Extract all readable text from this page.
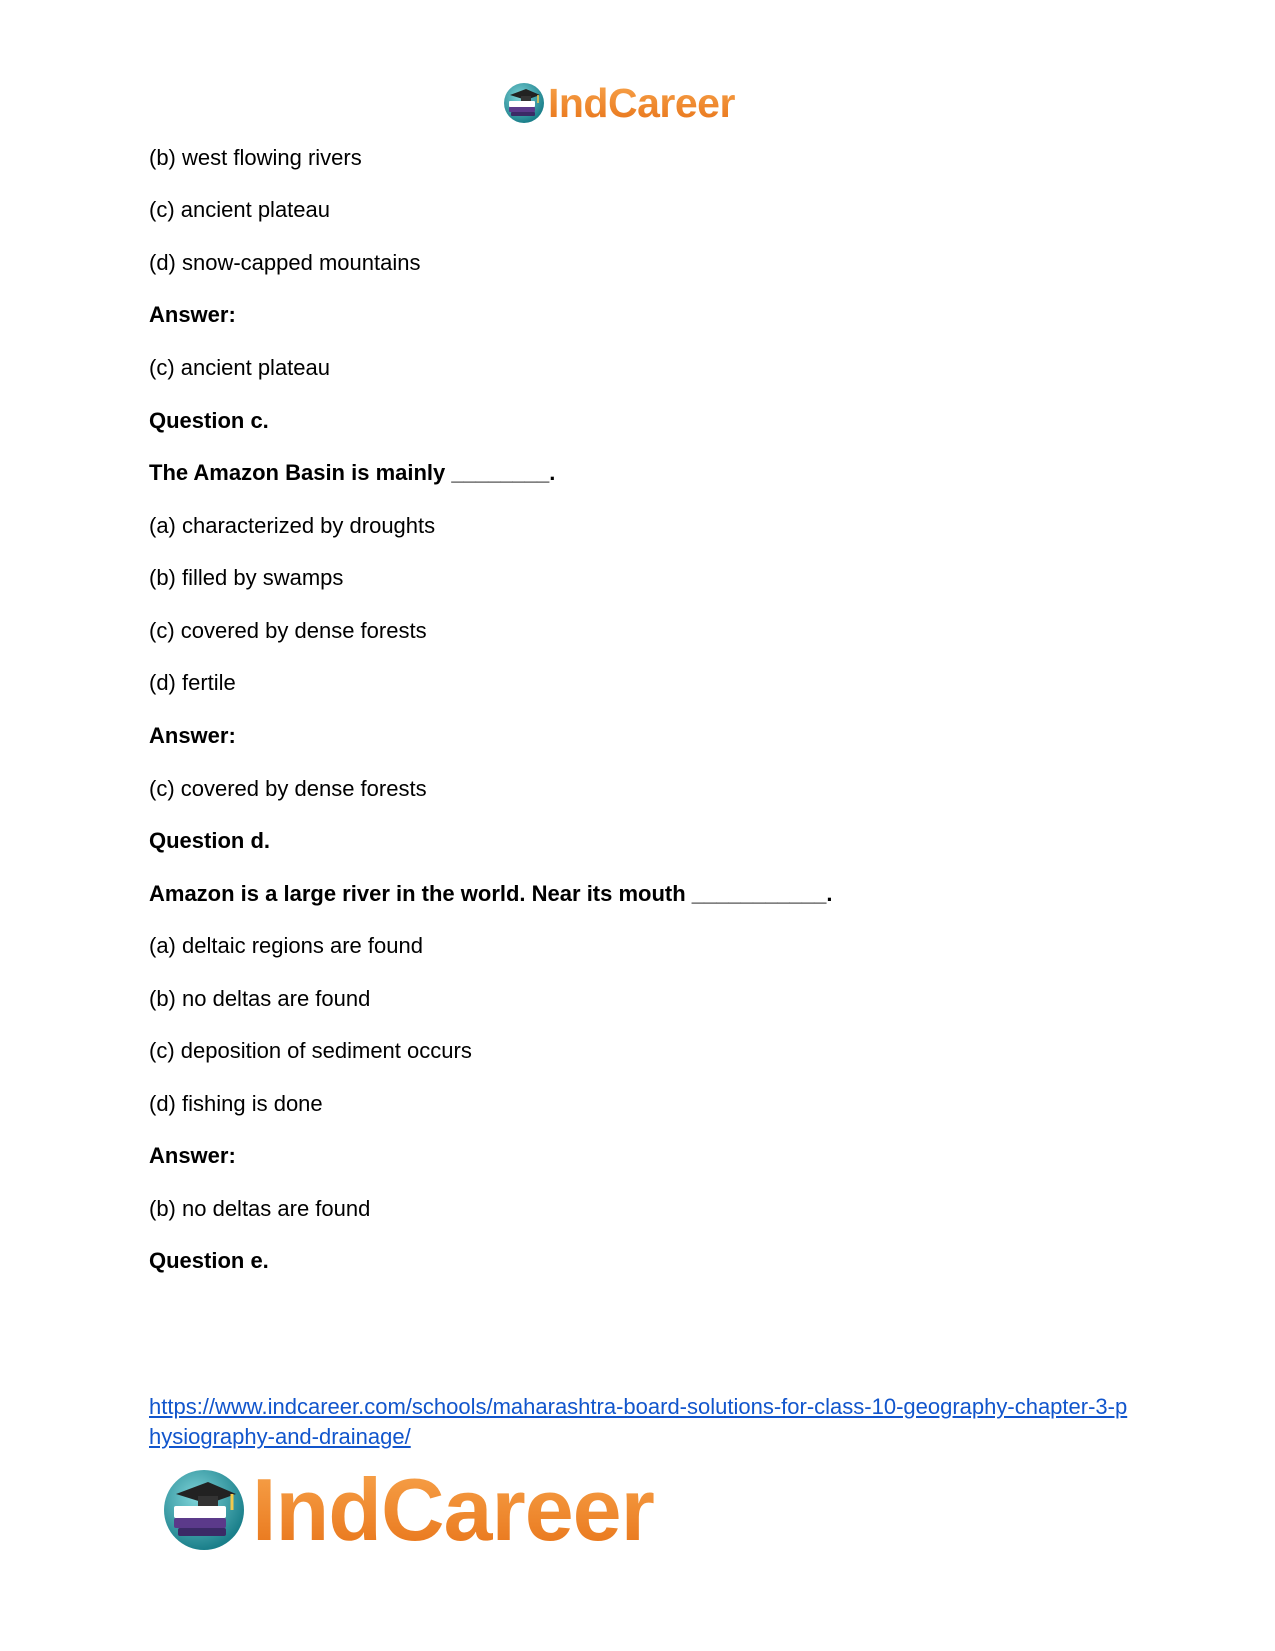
IndCareer
(b) west flowing rivers
(c) ancient plateau
(d) snow-capped mountains
Answer:
(c) ancient plateau
Question c.
The Amazon Basin is mainly ________.
(a) characterized by droughts
(b) filled by swamps
(c) covered by dense forests
(d) fertile
Answer:
(c) covered by dense forests
Question d.
Amazon is a large river in the world. Near its mouth ___________.
(a) deltaic regions are found
(b) no deltas are found
(c) deposition of sediment occurs
(d) fishing is done
Answer:
(b) no deltas are found
Question e.
https://www.indcareer.com/schools/maharashtra-board-solutions-for-class-10-geography-chapter-3-physiography-and-drainage/
IndCareer
